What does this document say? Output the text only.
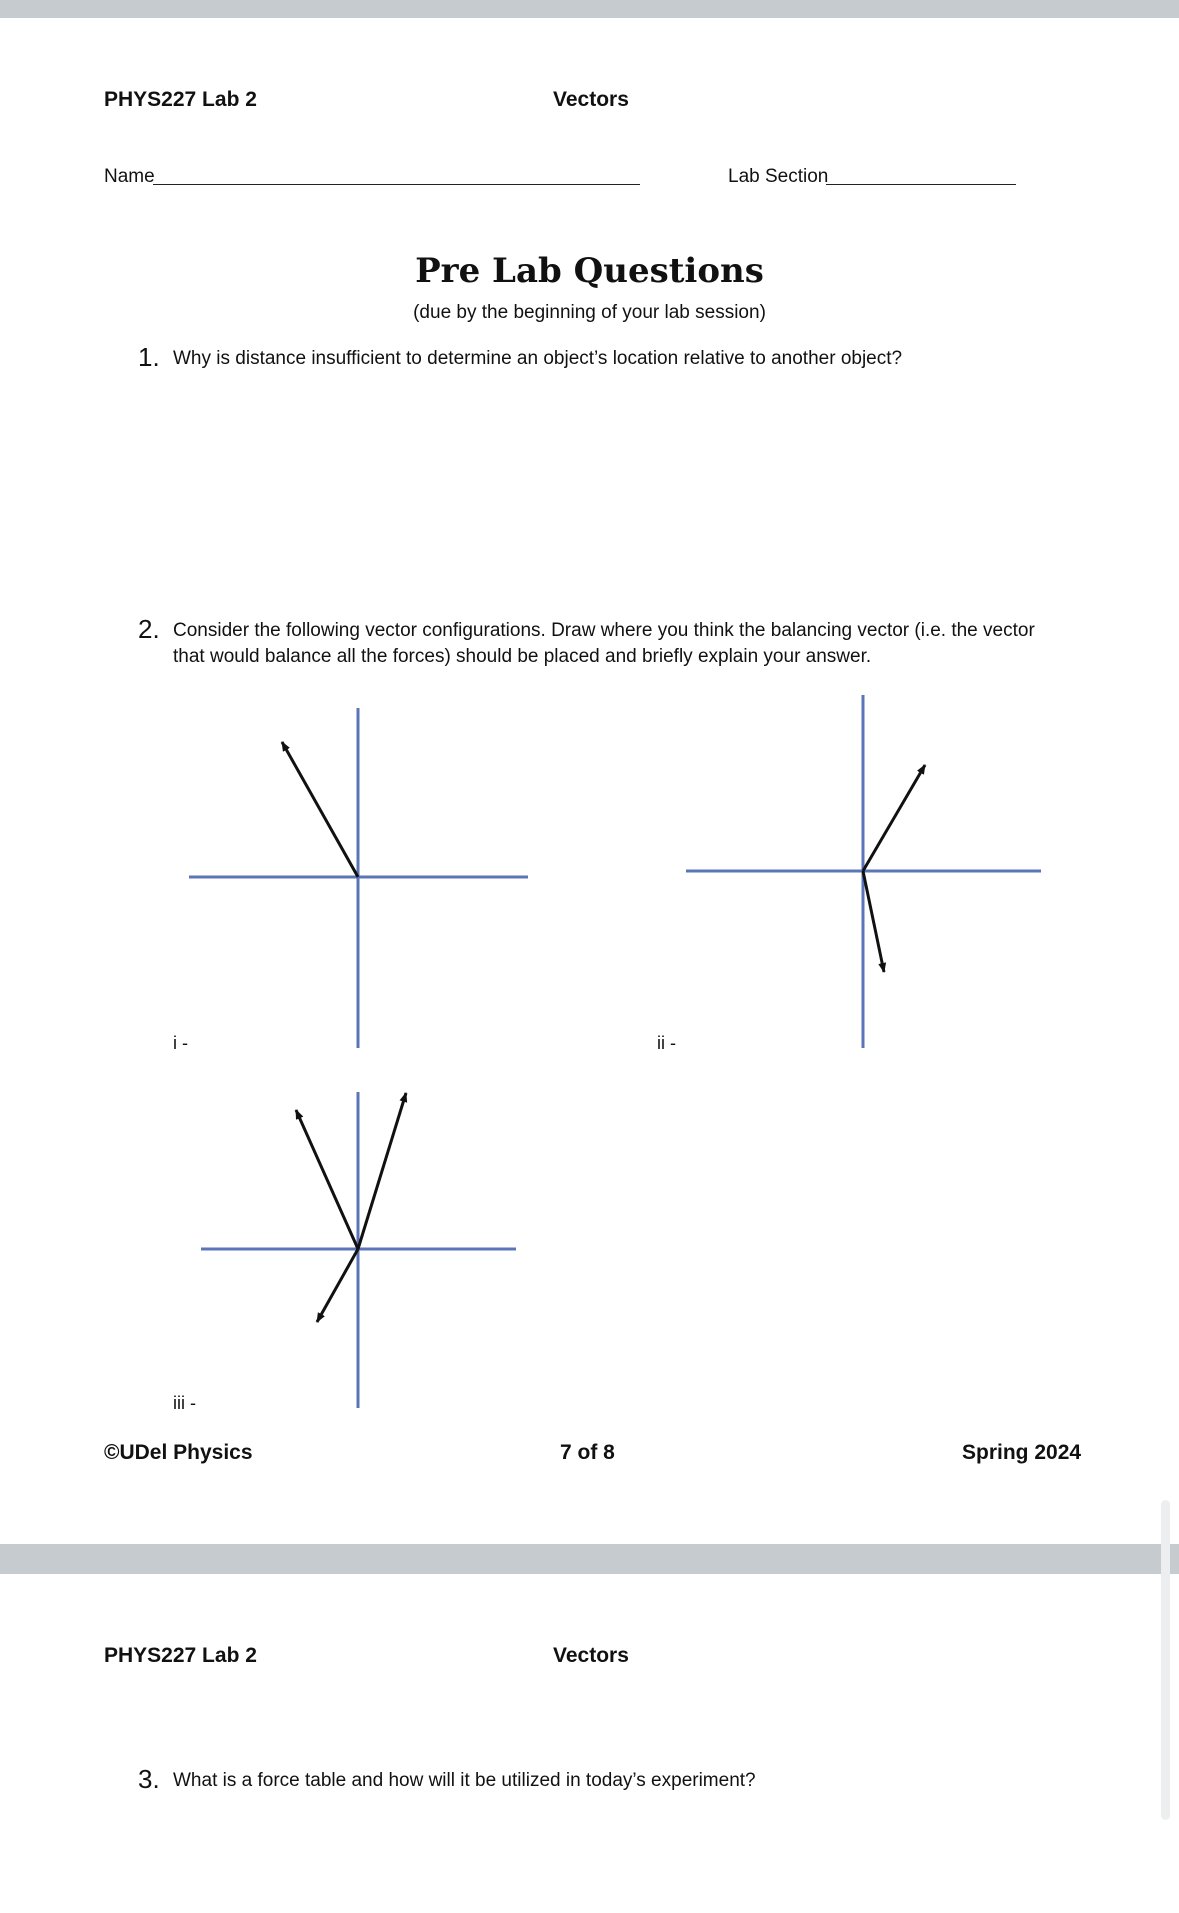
PHYS227 Lab 2	Vectors
Name	Lab Section
Pre Lab Questions
(due by the beginning of your lab session)
1. Why is distance insufficient to determine an object’s location relative to another object?
2. Consider the following vector configurations. Draw where you think the balancing vector (i.e. the vector
that would balance all the forces) should be placed and briefly explain your answer.
i -	ii -
iii -
©UDel Physics	7 of 8	Spring 2024
PHYS227 Lab 2	Vectors
3. What is a force table and how will it be utilized in today’s experiment?
